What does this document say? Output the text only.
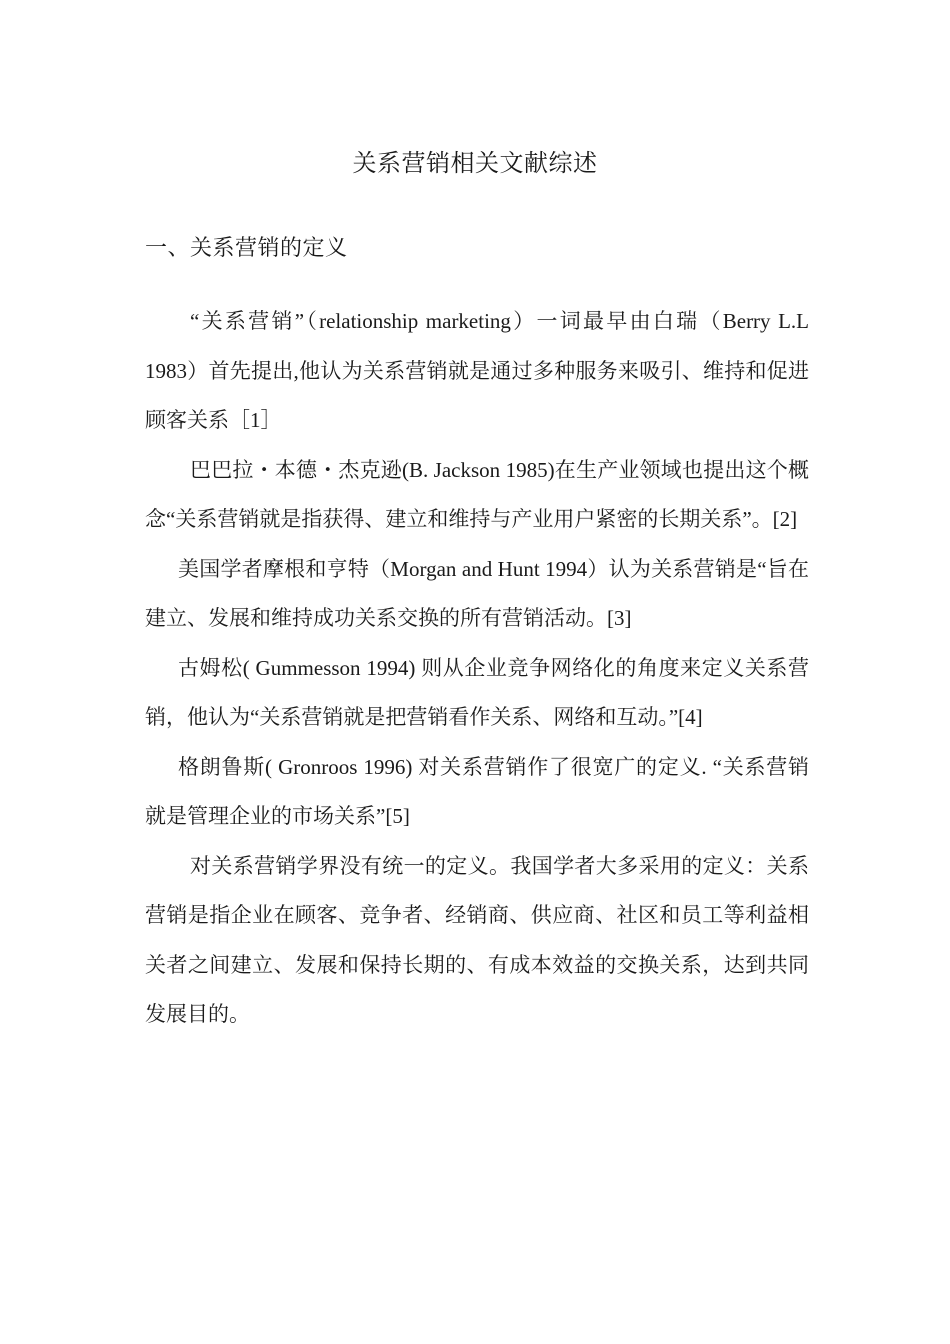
关系营销相关文献综述
一、关系营销的定义

“关系营销”（relationship marketing）一词最早由白瑞（Berry L.L 1983）首先提出,他认为关系营销就是通过多种服务来吸引、维持和促进顾客关系［1］

巴巴拉・本德・杰克逊(B. Jackson 1985)在生产业领域也提出这个概念“关系营销就是指获得、建立和维持与产业用户紧密的长期关系”。[2]

美国学者摩根和亨特（Morgan and Hunt 1994）认为关系营销是“旨在建立、发展和维持成功关系交换的所有营销活动。[3]

古姆松( Gummesson 1994) 则从企业竞争网络化的角度来定义关系营销，他认为“关系营销就是把营销看作关系、网络和互动。”[4]

格朗鲁斯( Gronroos 1996) 对关系营销作了很宽广的定义. “关系营销就是管理企业的市场关系”[5]

对关系营销学界没有统一的定义。我国学者大多采用的定义：关系营销是指企业在顾客、竞争者、经销商、供应商、社区和员工等利益相关者之间建立、发展和保持长期的、有成本效益的交换关系，达到共同发展目的。
